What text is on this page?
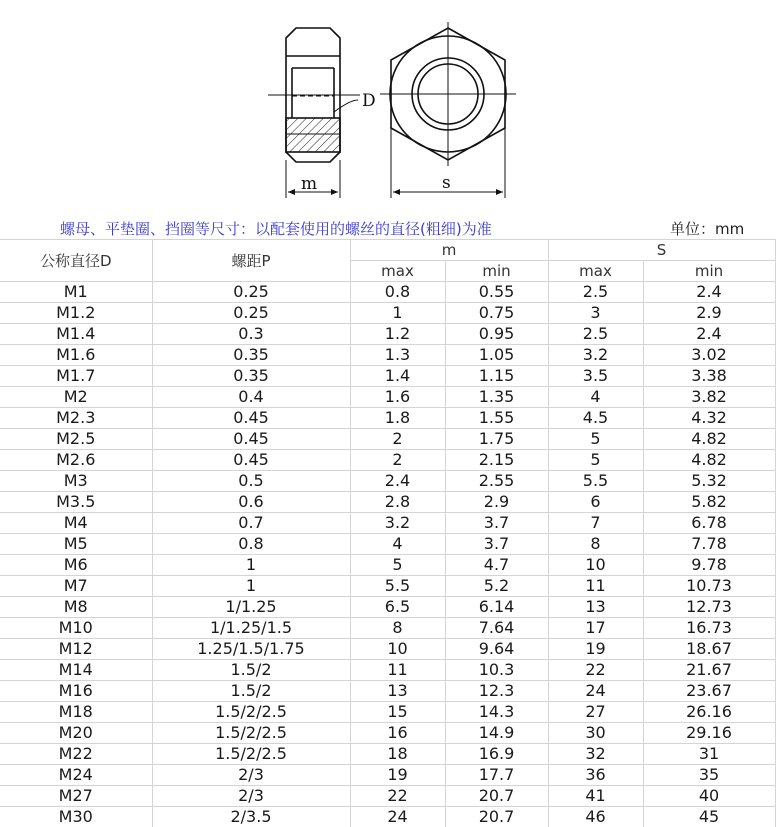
D
m	s
螺母、平垫圈、挡圈等尺寸：以配套使用的螺丝的直径(粗细)为准	单位：mm
公称直径D	螺距P	m		S	
		max	min	max	min
M1	0.25	0.8	0.55	2.5	2.4
M1.2	0.25	1	0.75	3	2.9
M1.4	0.3	1.2	0.95	2.5	2.4
M1.6	0.35	1.3	1.05	3.2	3.02
M1.7	0.35	1.4	1.15	3.5	3.38
M2	0.4	1.6	1.35	4	3.82
M2.3	0.45	1.8	1.55	4.5	4.32
M2.5	0.45	2	1.75	5	4.82
M2.6	0.45	2	2.15	5	4.82
M3	0.5	2.4	2.55	5.5	5.32
M3.5	0.6	2.8	2.9	6	5.82
M4	0.7	3.2	3.7	7	6.78
M5	0.8	4	3.7	8	7.78
M6	1	5	4.7	10	9.78
M7	1	5.5	5.2	11	10.73
M8	1/1.25	6.5	6.14	13	12.73
M10	1/1.25/1.5	8	7.64	17	16.73
M12	1.25/1.5/1.75	10	9.64	19	18.67
M14	1.5/2	11	10.3	22	21.67
M16	1.5/2	13	12.3	24	23.67
M18	1.5/2/2.5	15	14.3	27	26.16
M20	1.5/2/2.5	16	14.9	30	29.16
M22	1.5/2/2.5	18	16.9	32	31
M24	2/3	19	17.7	36	35
M27	2/3	22	20.7	41	40
M30	2/3.5	24	20.7	46	45
